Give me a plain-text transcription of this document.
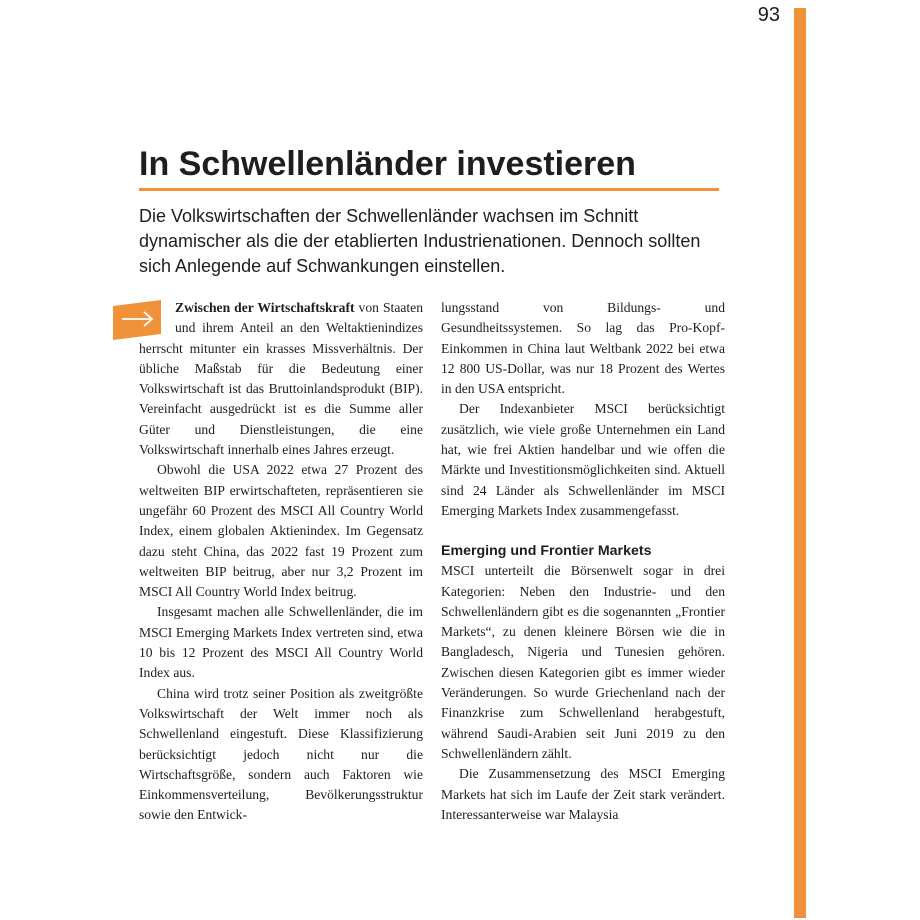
93
In Schwellenländer investieren

Die Volkswirtschaften der Schwellenländer wachsen im Schnitt dynamischer als die der etablierten Industrienationen. Dennoch sollten sich Anlegende auf Schwankungen einstellen.

Zwischen der Wirtschaftskraft von Staaten und ihrem Anteil an den Weltaktienindizes herrscht mitunter ein krasses Missverhältnis. Der übliche Maßstab für die Bedeutung einer Volkswirtschaft ist das Bruttoinlandsprodukt (BIP). Vereinfacht ausgedrückt ist es die Summe aller Güter und Dienstleistungen, die eine Volkswirtschaft innerhalb eines Jahres erzeugt.

Obwohl die USA 2022 etwa 27 Prozent des weltweiten BIP erwirtschafteten, repräsentieren sie ungefähr 60 Prozent des MSCI All Country World Index, einem globalen Aktienindex. Im Gegensatz dazu steht China, das 2022 fast 19 Prozent zum weltweiten BIP beitrug, aber nur 3,2 Prozent im MSCI All Country World Index beitrug.

Insgesamt machen alle Schwellenländer, die im MSCI Emerging Markets Index vertreten sind, etwa 10 bis 12 Prozent des MSCI All Country World Index aus.

China wird trotz seiner Position als zweitgrößte Volkswirtschaft der Welt immer noch als Schwellenland eingestuft. Diese Klassifizierung berücksichtigt jedoch nicht nur die Wirtschaftsgröße, sondern auch Faktoren wie Einkommensverteilung, Bevölkerungsstruktur sowie den Entwick-

lungsstand von Bildungs- und Gesundheitssystemen. So lag das Pro-Kopf-Einkommen in China laut Weltbank 2022 bei etwa 12 800 US-Dollar, was nur 18 Prozent des Wertes in den USA entspricht.

Der Indexanbieter MSCI berücksichtigt zusätzlich, wie viele große Unternehmen ein Land hat, wie frei Aktien handelbar und wie offen die Märkte und Investitionsmöglichkeiten sind. Aktuell sind 24 Länder als Schwellenländer im MSCI Emerging Markets Index zusammengefasst.

Emerging und Frontier Markets

MSCI unterteilt die Börsenwelt sogar in drei Kategorien: Neben den Industrie- und den Schwellenländern gibt es die sogenannten „Frontier Markets“, zu denen kleinere Börsen wie die in Bangladesch, Nigeria und Tunesien gehören. Zwischen diesen Kategorien gibt es immer wieder Veränderungen. So wurde Griechenland nach der Finanzkrise zum Schwellenland herabgestuft, während Saudi-Arabien seit Juni 2019 zu den Schwellenländern zählt.

Die Zusammensetzung des MSCI Emerging Markets hat sich im Laufe der Zeit stark verändert. Interessanterweise war Malaysia
